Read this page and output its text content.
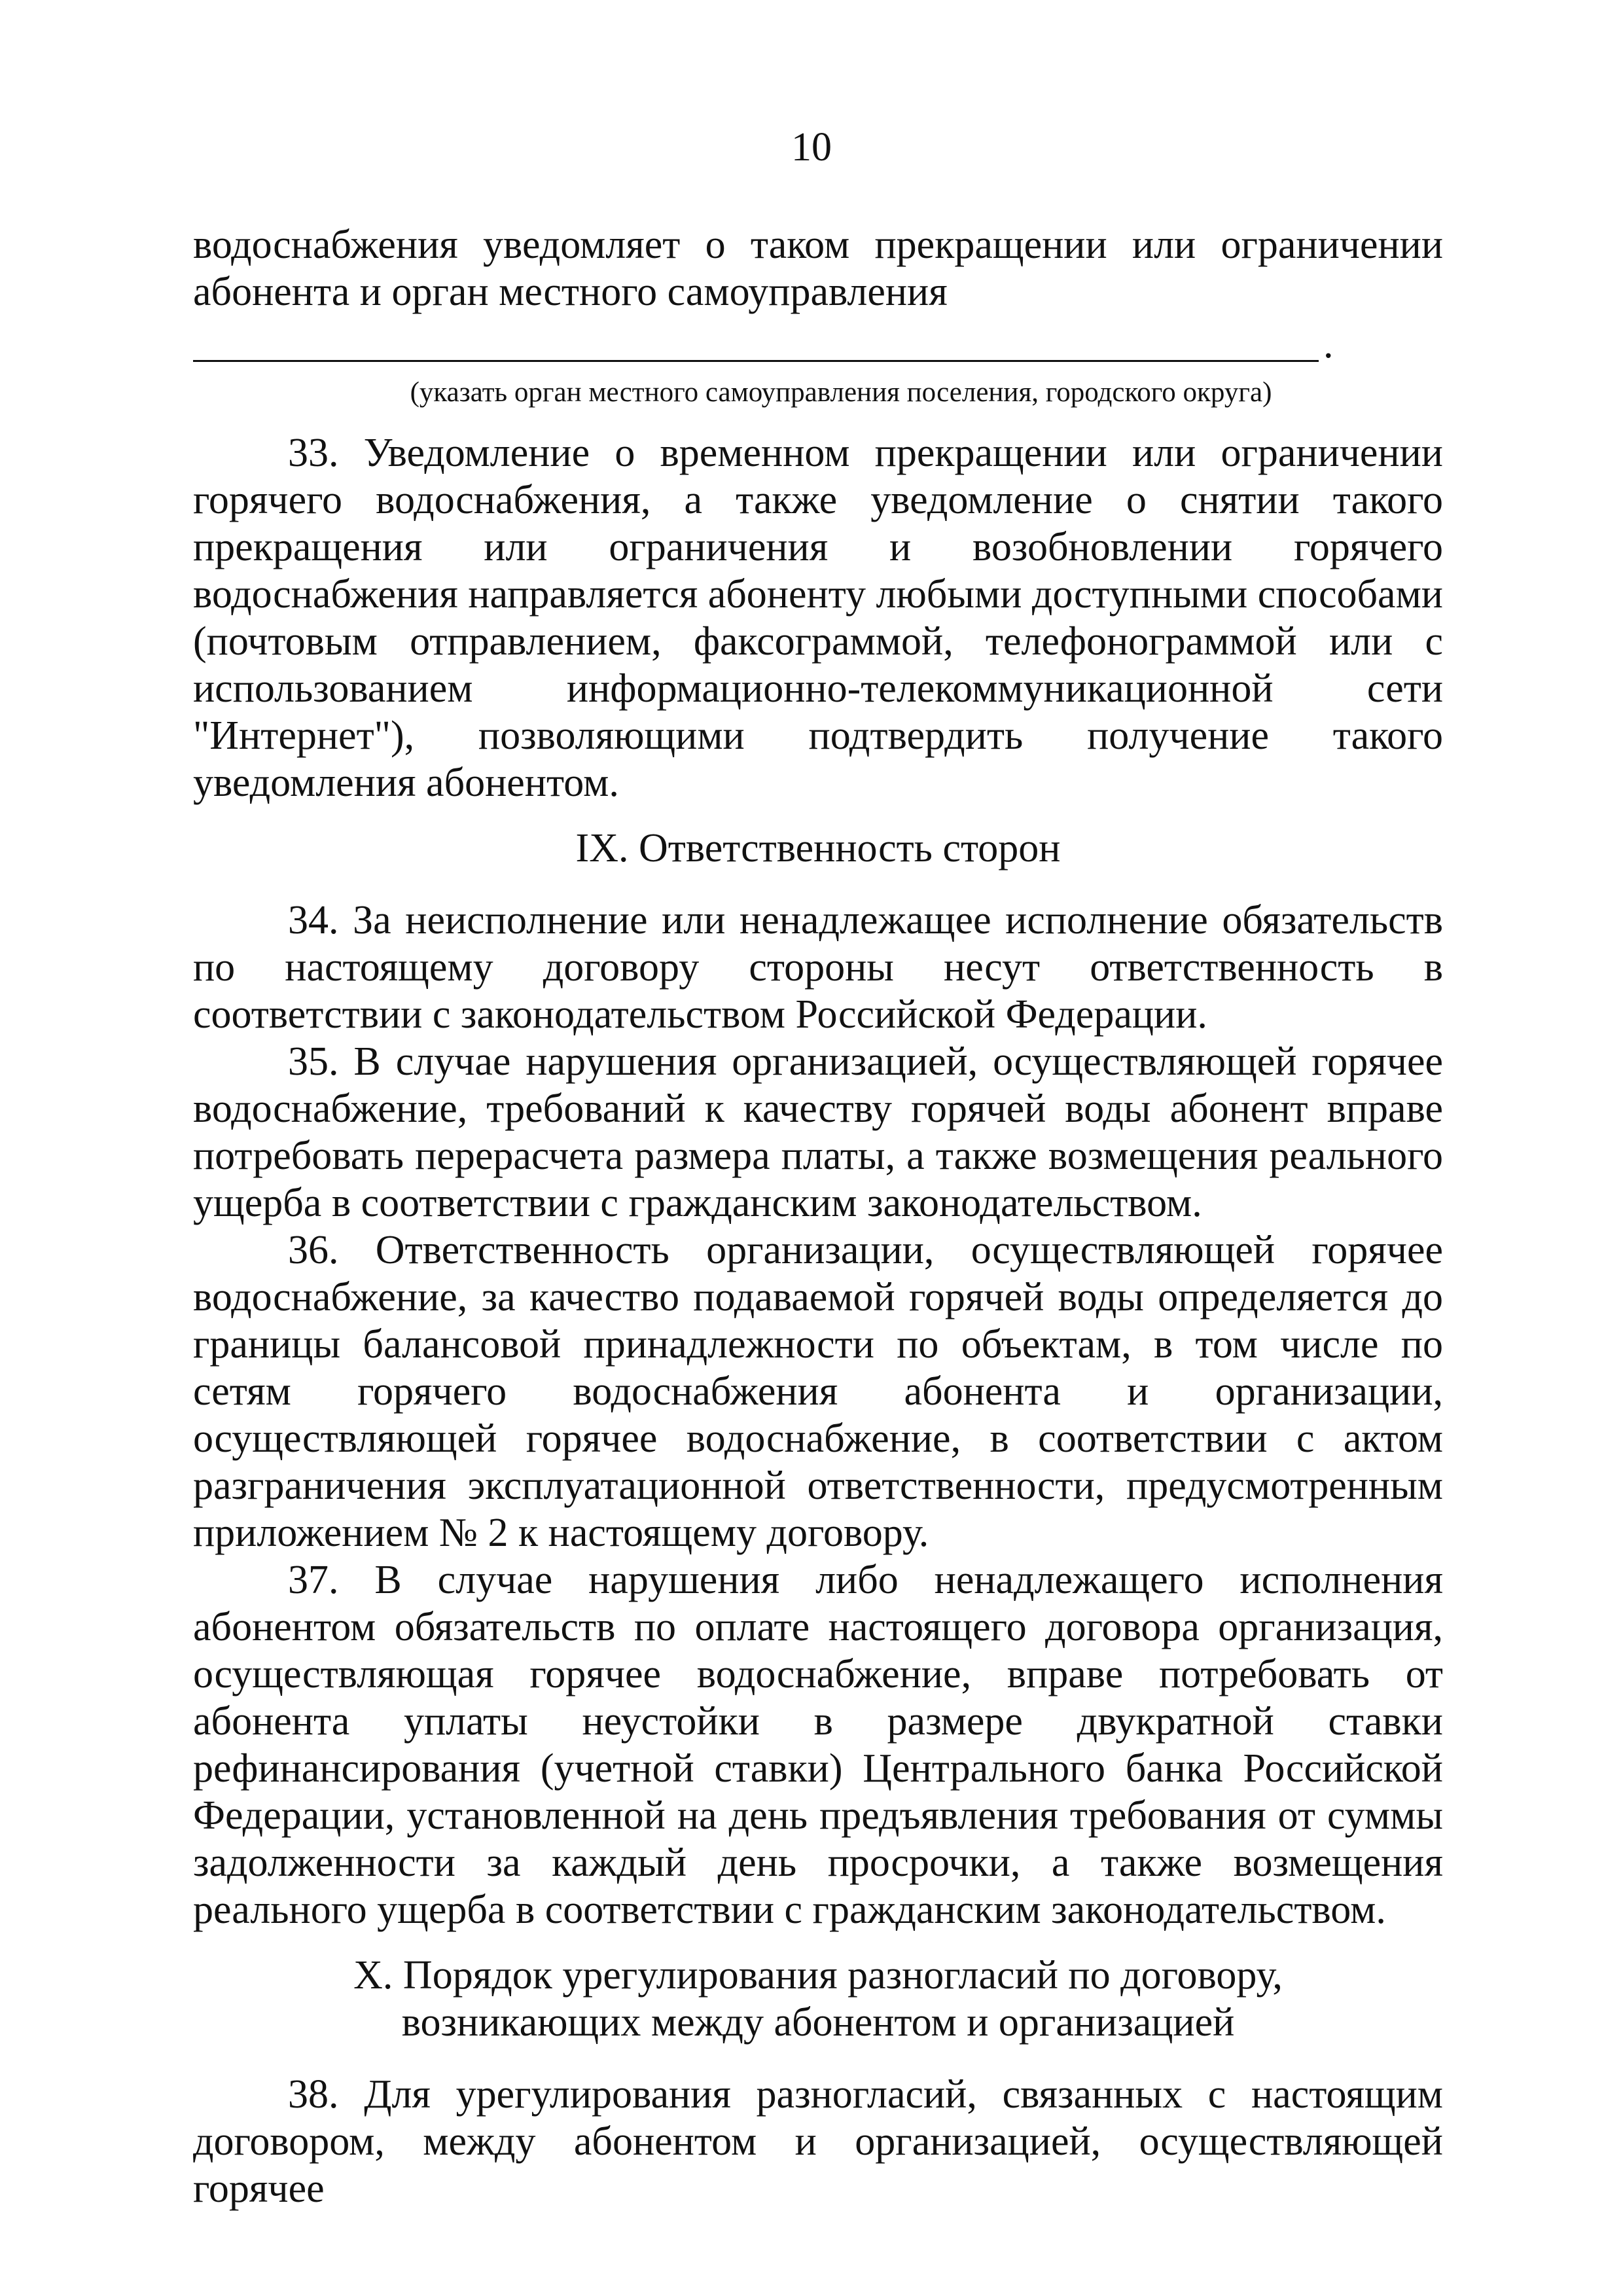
10

водоснабжения уведомляет о таком прекращении или ограничении абонента и орган местного самоуправления

.

(указать орган местного самоуправления поселения, городского округа)

33. Уведомление о временном прекращении или ограничении горячего водоснабжения, а также уведомление о снятии такого прекращения или ограничения и возобновлении горячего водоснабжения направляется абоненту любыми доступными способами (почтовым отправлением, факсограммой, телефонограммой или с использованием информационно-телекоммуникационной сети "Интернет"), позволяющими подтвердить получение такого уведомления абонентом.

IX. Ответственность сторон

34. За неисполнение или ненадлежащее исполнение обязательств по настоящему договору стороны несут ответственность в соответствии с законодательством Российской Федерации.

35. В случае нарушения организацией, осуществляющей горячее водоснабжение, требований к качеству горячей воды абонент вправе потребовать перерасчета размера платы, а также возмещения реального ущерба в соответствии с гражданским законодательством.

36. Ответственность организации, осуществляющей горячее водоснабжение, за качество подаваемой горячей воды определяется до границы балансовой принадлежности по объектам, в том числе по сетям горячего водоснабжения абонента и организации, осуществляющей горячее водоснабжение, в соответствии с актом разграничения эксплуатационной ответственности, предусмотренным приложением № 2 к настоящему договору.

37. В случае нарушения либо ненадлежащего исполнения абонентом обязательств по оплате настоящего договора организация, осуществляющая горячее водоснабжение, вправе потребовать от абонента уплаты неустойки в размере двукратной ставки рефинансирования (учетной ставки) Центрального банка Российской Федерации, установленной на день предъявления требования от суммы задолженности за каждый день просрочки, а также возмещения реального ущерба в соответствии с гражданским законодательством.

X. Порядок урегулирования разногласий по договору,
возникающих между абонентом и организацией

38. Для урегулирования разногласий, связанных с настоящим договором, между абонентом и организацией, осуществляющей горячее
